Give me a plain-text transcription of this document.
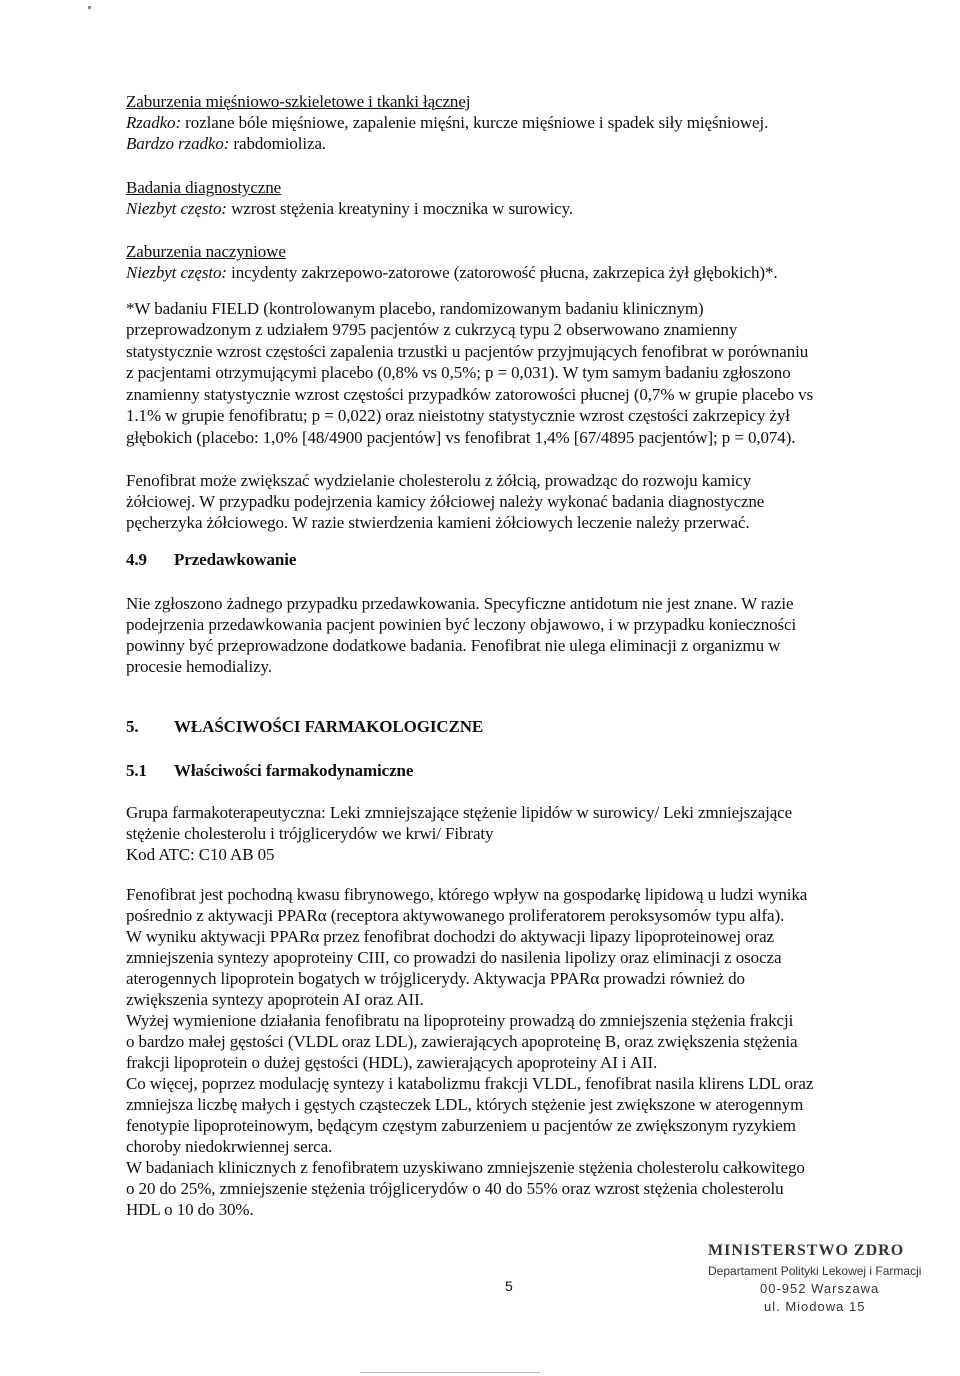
Zaburzenia mięśniowo-szkieletowe i tkanki łącznej
Rzadko: rozlane bóle mięśniowe, zapalenie mięśni, kurcze mięśniowe i spadek siły mięśniowej.
Bardzo rzadko: rabdomioliza.
Badania diagnostyczne
Niezbyt często: wzrost stężenia kreatyniny i mocznika w surowicy.
Zaburzenia naczyniowe
Niezbyt często: incydenty zakrzepowo-zatorowe (zatorowość płucna, zakrzepica żył głębokich)*.
*W badaniu FIELD (kontrolowanym placebo, randomizowanym badaniu klinicznym)
przeprowadzonym z udziałem 9795 pacjentów z cukrzycą typu 2 obserwowano znamienny
statystycznie wzrost częstości zapalenia trzustki u pacjentów przyjmujących fenofibrat w porównaniu
z pacjentami otrzymującymi placebo (0,8% vs 0,5%; p = 0,031). W tym samym badaniu zgłoszono
znamienny statystycznie wzrost częstości przypadków zatorowości płucnej (0,7% w grupie placebo vs
1.1% w grupie fenofibratu; p = 0,022) oraz nieistotny statystycznie wzrost częstości zakrzepicy żył
głębokich (placebo: 1,0% [48/4900 pacjentów] vs fenofibrat 1,4% [67/4895 pacjentów]; p = 0,074).
Fenofibrat może zwiększać wydzielanie cholesterolu z żółcią, prowadząc do rozwoju kamicy
żółciowej. W przypadku podejrzenia kamicy żółciowej należy wykonać badania diagnostyczne
pęcherzyka żółciowego. W razie stwierdzenia kamieni żółciowych leczenie należy przerwać.
4.9 Przedawkowanie
Nie zgłoszono żadnego przypadku przedawkowania. Specyficzne antidotum nie jest znane. W razie
podejrzenia przedawkowania pacjent powinien być leczony objawowo, i w przypadku konieczności
powinny być przeprowadzone dodatkowe badania. Fenofibrat nie ulega eliminacji z organizmu w
procesie hemodializy.
5. WŁAŚCIWOŚCI FARMAKOLOGICZNE
5.1 Właściwości farmakodynamiczne
Grupa farmakoterapeutyczna: Leki zmniejszające stężenie lipidów w surowicy/ Leki zmniejszające
stężenie cholesterolu i trójglicerydów we krwi/ Fibraty
Kod ATC: C10 AB 05
Fenofibrat jest pochodną kwasu fibrynowego, którego wpływ na gospodarkę lipidową u ludzi wynika
pośrednio z aktywacji PPARα (receptora aktywowanego proliferatorem peroksysomów typu alfa).
W wyniku aktywacji PPARα przez fenofibrat dochodzi do aktywacji lipazy lipoproteinowej oraz
zmniejszenia syntezy apoproteiny CIII, co prowadzi do nasilenia lipolizy oraz eliminacji z osocza
aterogennych lipoprotein bogatych w trójglicerydy. Aktywacja PPARα prowadzi również do
zwiększenia syntezy apoprotein AI oraz AII.
Wyżej wymienione działania fenofibratu na lipoproteiny prowadzą do zmniejszenia stężenia frakcji
o bardzo małej gęstości (VLDL oraz LDL), zawierających apoproteinę B, oraz zwiększenia stężenia
frakcji lipoprotein o dużej gęstości (HDL), zawierających apoproteiny AI i AII.
Co więcej, poprzez modulację syntezy i katabolizmu frakcji VLDL, fenofibrat nasila klirens LDL oraz
zmniejsza liczbę małych i gęstych cząsteczek LDL, których stężenie jest zwiększone w aterogennym
fenotypie lipoproteinowym, będącym częstym zaburzeniem u pacjentów ze zwiększonym ryzykiem
choroby niedokrwiennej serca.
W badaniach klinicznych z fenofibratem uzyskiwano zmniejszenie stężenia cholesterolu całkowitego
o 20 do 25%, zmniejszenie stężenia trójglicerydów o 40 do 55% oraz wzrost stężenia cholesterolu
HDL o 10 do 30%.
5
MINISTERSTWO ZDRO
Departament Polityki Lekowej i Farmacji
00-952 Warszawa
ul. Miodowa 15
